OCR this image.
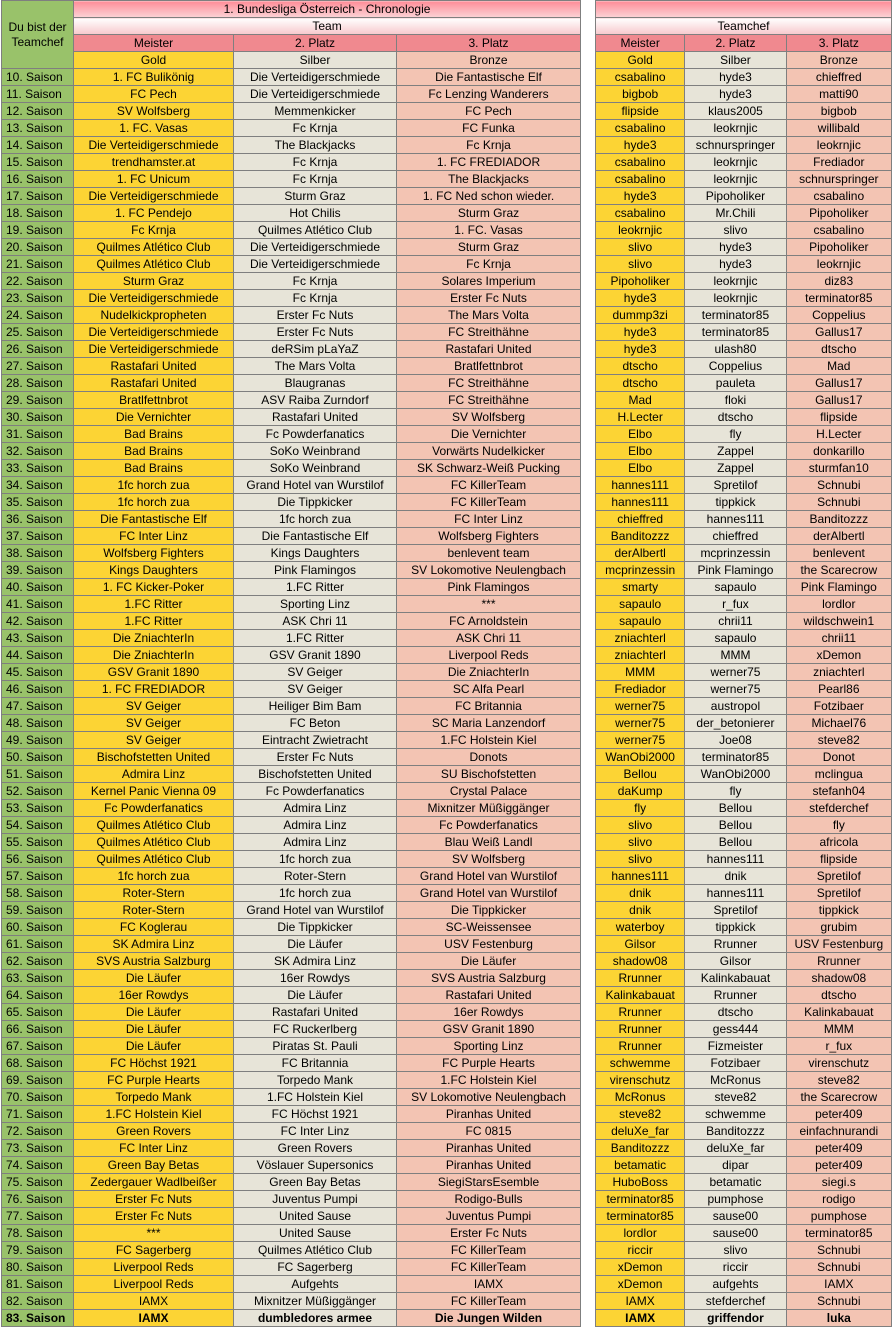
Du bist der Teamchef	1. Bundesliga Österreich - Chronologie		
	Team		
	Meister	2. Platz	3. Platz
	Gold	Silber	Bronze
10. Saison	1. FC Bulikönig	Die Verteidigerschmiede	Die Fantastische Elf
11. Saison	FC Pech	Die Verteidigerschmiede	Fc Lenzing Wanderers
12. Saison	SV Wolfsberg	Memmenkicker	FC Pech
13. Saison	1. FC. Vasas	Fc Krnja	FC Funka
14. Saison	Die Verteidigerschmiede	The Blackjacks	Fc Krnja
15. Saison	trendhamster.at	Fc Krnja	1. FC FREDIADOR
16. Saison	1. FC Unicum	Fc Krnja	The Blackjacks
17. Saison	Die Verteidigerschmiede	Sturm Graz	1. FC Ned schon wieder.
18. Saison	1. FC Pendejo	Hot Chilis	Sturm Graz
19. Saison	Fc Krnja	Quilmes Atlético Club	1. FC. Vasas
20. Saison	Quilmes Atlético Club	Die Verteidigerschmiede	Sturm Graz
21. Saison	Quilmes Atlético Club	Die Verteidigerschmiede	Fc Krnja
22. Saison	Sturm Graz	Fc Krnja	Solares Imperium
23. Saison	Die Verteidigerschmiede	Fc Krnja	Erster Fc Nuts
24. Saison	Nudelkickpropheten	Erster Fc Nuts	The Mars Volta
25. Saison	Die Verteidigerschmiede	Erster Fc Nuts	FC Streithähne
26. Saison	Die Verteidigerschmiede	deRSim pLaYaZ	Rastafari United
27. Saison	Rastafari United	The Mars Volta	Bratlfettnbrot
28. Saison	Rastafari United	Blaugranas	FC Streithähne
29. Saison	Bratlfettnbrot	ASV Raiba Zurndorf	FC Streithähne
30. Saison	Die Vernichter	Rastafari United	SV Wolfsberg
31. Saison	Bad Brains	Fc Powderfanatics	Die Vernichter
32. Saison	Bad Brains	SoKo Weinbrand	Vorwärts Nudelkicker
33. Saison	Bad Brains	SoKo Weinbrand	SK Schwarz-Weiß Pucking
34. Saison	1fc horch zua	Grand Hotel van Wurstilof	FC KillerTeam
35. Saison	1fc horch zua	Die Tippkicker	FC KillerTeam
36. Saison	Die Fantastische Elf	1fc horch zua	FC Inter Linz
37. Saison	FC Inter Linz	Die Fantastische Elf	Wolfsberg Fighters
38. Saison	Wolfsberg Fighters	Kings Daughters	benlevent team
39. Saison	Kings Daughters	Pink Flamingos	SV Lokomotive Neulengbach
40. Saison	1. FC Kicker-Poker	1.FC Ritter	Pink Flamingos
41. Saison	1.FC Ritter	Sporting Linz	***
42. Saison	1.FC Ritter	ASK Chri 11	FC Arnoldstein
43. Saison	Die ZniachterIn	1.FC Ritter	ASK Chri 11
44. Saison	Die ZniachterIn	GSV Granit 1890	Liverpool Reds
45. Saison	GSV Granit 1890	SV Geiger	Die ZniachterIn
46. Saison	1. FC FREDIADOR	SV Geiger	SC Alfa Pearl
47. Saison	SV Geiger	Heiliger Bim Bam	FC Britannia
48. Saison	SV Geiger	FC Beton	SC Maria Lanzendorf
49. Saison	SV Geiger	Eintracht Zwietracht	1.FC Holstein Kiel
50. Saison	Bischofstetten United	Erster Fc Nuts	Donots
51. Saison	Admira Linz	Bischofstetten United	SU Bischofstetten
52. Saison	Kernel Panic Vienna 09	Fc Powderfanatics	Crystal Palace
53. Saison	Fc Powderfanatics	Admira Linz	Mixnitzer Müßiggänger
54. Saison	Quilmes Atlético Club	Admira Linz	Fc Powderfanatics
55. Saison	Quilmes Atlético Club	Admira Linz	Blau Weiß Landl
56. Saison	Quilmes Atlético Club	1fc horch zua	SV Wolfsberg
57. Saison	1fc horch zua	Roter-Stern	Grand Hotel van Wurstilof
58. Saison	Roter-Stern	1fc horch zua	Grand Hotel van Wurstilof
59. Saison	Roter-Stern	Grand Hotel van Wurstilof	Die Tippkicker
60. Saison	FC Koglerau	Die Tippkicker	SC-Weissensee
61. Saison	SK Admira Linz	Die Läufer	USV Festenburg
62. Saison	SVS Austria Salzburg	SK Admira Linz	Die Läufer
63. Saison	Die Läufer	16er Rowdys	SVS Austria Salzburg
64. Saison	16er Rowdys	Die Läufer	Rastafari United
65. Saison	Die Läufer	Rastafari United	16er Rowdys
66. Saison	Die Läufer	FC Ruckerlberg	GSV Granit 1890
67. Saison	Die Läufer	Piratas St. Pauli	Sporting Linz
68. Saison	FC Höchst 1921	FC Britannia	FC Purple Hearts
69. Saison	FC Purple Hearts	Torpedo Mank	1.FC Holstein Kiel
70. Saison	Torpedo Mank	1.FC Holstein Kiel	SV Lokomotive Neulengbach
71. Saison	1.FC Holstein Kiel	FC Höchst 1921	Piranhas United
72. Saison	Green Rovers	FC Inter Linz	FC 0815
73. Saison	FC Inter Linz	Green Rovers	Piranhas United
74. Saison	Green Bay Betas	Vöslauer Supersonics	Piranhas United
75. Saison	Zedergauer Wadlbeißer	Green Bay Betas	SiegiStarsEsemble
76. Saison	Erster Fc Nuts	Juventus Pumpi	Rodigo-Bulls
77. Saison	Erster Fc Nuts	United Sause	Juventus Pumpi
78. Saison	***	United Sause	Erster Fc Nuts
79. Saison	FC Sagerberg	Quilmes Atlético Club	FC KillerTeam
80. Saison	Liverpool Reds	FC Sagerberg	FC KillerTeam
81. Saison	Liverpool Reds	Aufgehts	IAMX
82. Saison	IAMX	Mixnitzer Müßiggänger	FC KillerTeam
83. Saison	IAMX	dumbledores armee	Die Jungen Wilden

Teamchef		
Meister	2. Platz	3. Platz
Gold	Silber	Bronze
csabalino	hyde3	chieffred
bigbob	hyde3	matti90
flipside	klaus2005	bigbob
csabalino	leokrnjic	willibald
hyde3	schnurspringer	leokrnjic
csabalino	leokrnjic	Frediador
csabalino	leokrnjic	schnurspringer
hyde3	Pipoholiker	csabalino
csabalino	Mr.Chili	Pipoholiker
leokrnjic	slivo	csabalino
slivo	hyde3	Pipoholiker
slivo	hyde3	leokrnjic
Pipoholiker	leokrnjic	diz83
hyde3	leokrnjic	terminator85
dummp3zi	terminator85	Coppelius
hyde3	terminator85	Gallus17
hyde3	ulash80	dtscho
dtscho	Coppelius	Mad
dtscho	pauleta	Gallus17
Mad	floki	Gallus17
H.Lecter	dtscho	flipside
Elbo	fly	H.Lecter
Elbo	Zappel	donkarillo
Elbo	Zappel	sturmfan10
hannes111	Spretilof	Schnubi
hannes111	tippkick	Schnubi
chieffred	hannes111	Banditozzz
Banditozzz	chieffred	derAlbertl
derAlbertl	mcprinzessin	benlevent
mcprinzessin	Pink Flamingo	the Scarecrow
smarty	sapaulo	Pink Flamingo
sapaulo	r_fux	lordlor
sapaulo	chrii11	wildschwein1
zniachterl	sapaulo	chrii11
zniachterl	MMM	xDemon
MMM	werner75	zniachterl
Frediador	werner75	Pearl86
werner75	austropol	Fotzibaer
werner75	der_betonierer	Michael76
werner75	Joe08	steve82
WanObi2000	terminator85	Donot
Bellou	WanObi2000	mclingua
daKump	fly	stefanh04
fly	Bellou	stefderchef
slivo	Bellou	fly
slivo	Bellou	africola
slivo	hannes111	flipside
hannes111	dnik	Spretilof
dnik	hannes111	Spretilof
dnik	Spretilof	tippkick
waterboy	tippkick	grubim
Gilsor	Rrunner	USV Festenburg
shadow08	Gilsor	Rrunner
Rrunner	Kalinkabauat	shadow08
Kalinkabauat	Rrunner	dtscho
Rrunner	dtscho	Kalinkabauat
Rrunner	gess444	MMM
Rrunner	Fizmeister	r_fux
schwemme	Fotzibaer	virenschutz
virenschutz	McRonus	steve82
McRonus	steve82	the Scarecrow
steve82	schwemme	peter409
deluXe_far	Banditozzz	einfachnurandi
Banditozzz	deluXe_far	peter409
betamatic	dipar	peter409
HuboBoss	betamatic	siegi.s
terminator85	pumphose	rodigo
terminator85	sause00	pumphose
lordlor	sause00	terminator85
riccir	slivo	Schnubi
xDemon	riccir	Schnubi
xDemon	aufgehts	IAMX
IAMX	stefderchef	Schnubi
IAMX	griffendor	luka
